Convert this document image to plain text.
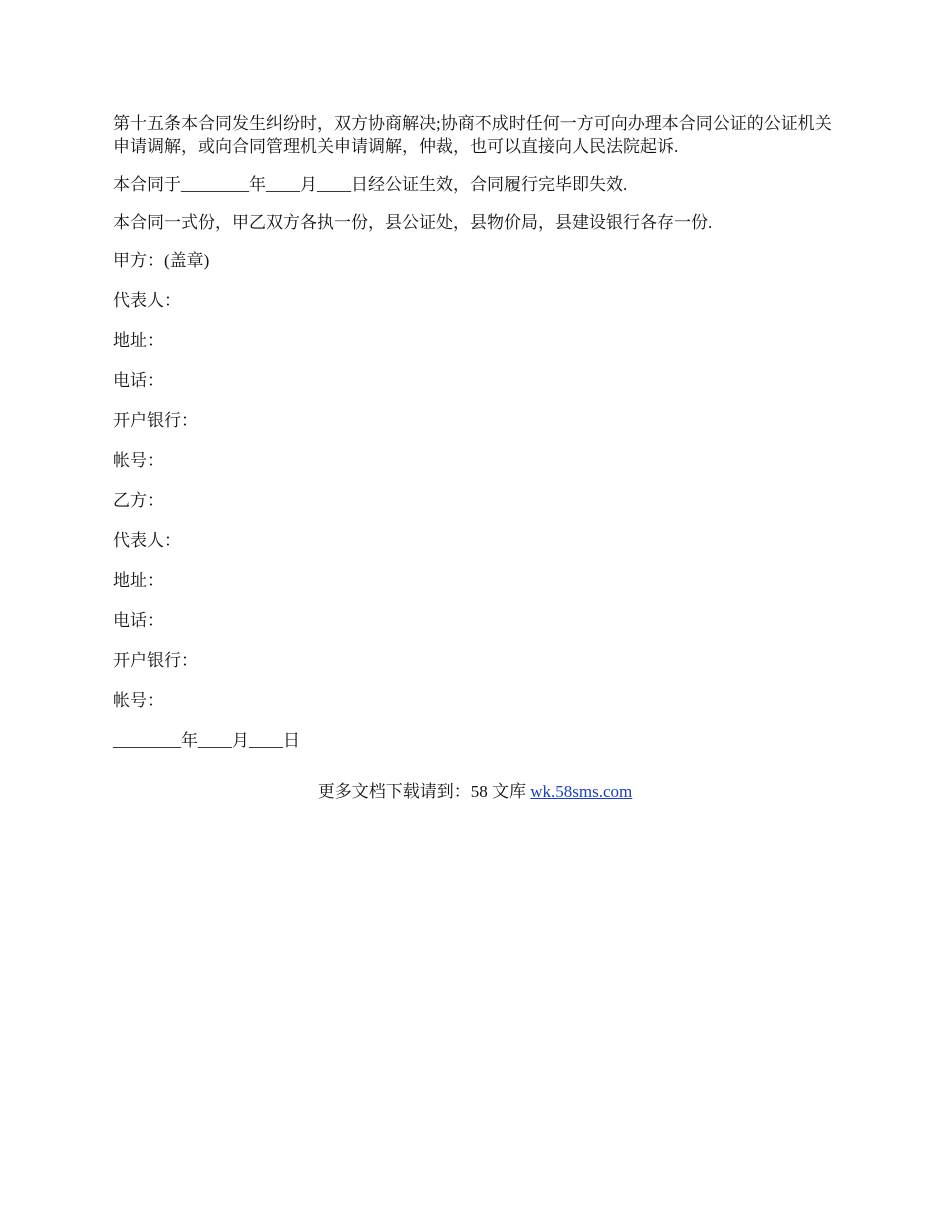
第十五条本合同发生纠纷时，双方协商解决;协商不成时任何一方可向办理本合同公证的公证机关申请调解，或向合同管理机关申请调解，仲裁，也可以直接向人民法院起诉.

本合同于________年____月____日经公证生效，合同履行完毕即失效.

本合同一式份，甲乙双方各执一份，县公证处，县物价局，县建设银行各存一份.

甲方：(盖章)
代表人：
地址：
电话：
开户银行：
帐号：
乙方：
代表人：
地址：
电话：
开户银行：
帐号：
________年____月____日
更多文档下载请到：58 文库 wk.58sms.com
